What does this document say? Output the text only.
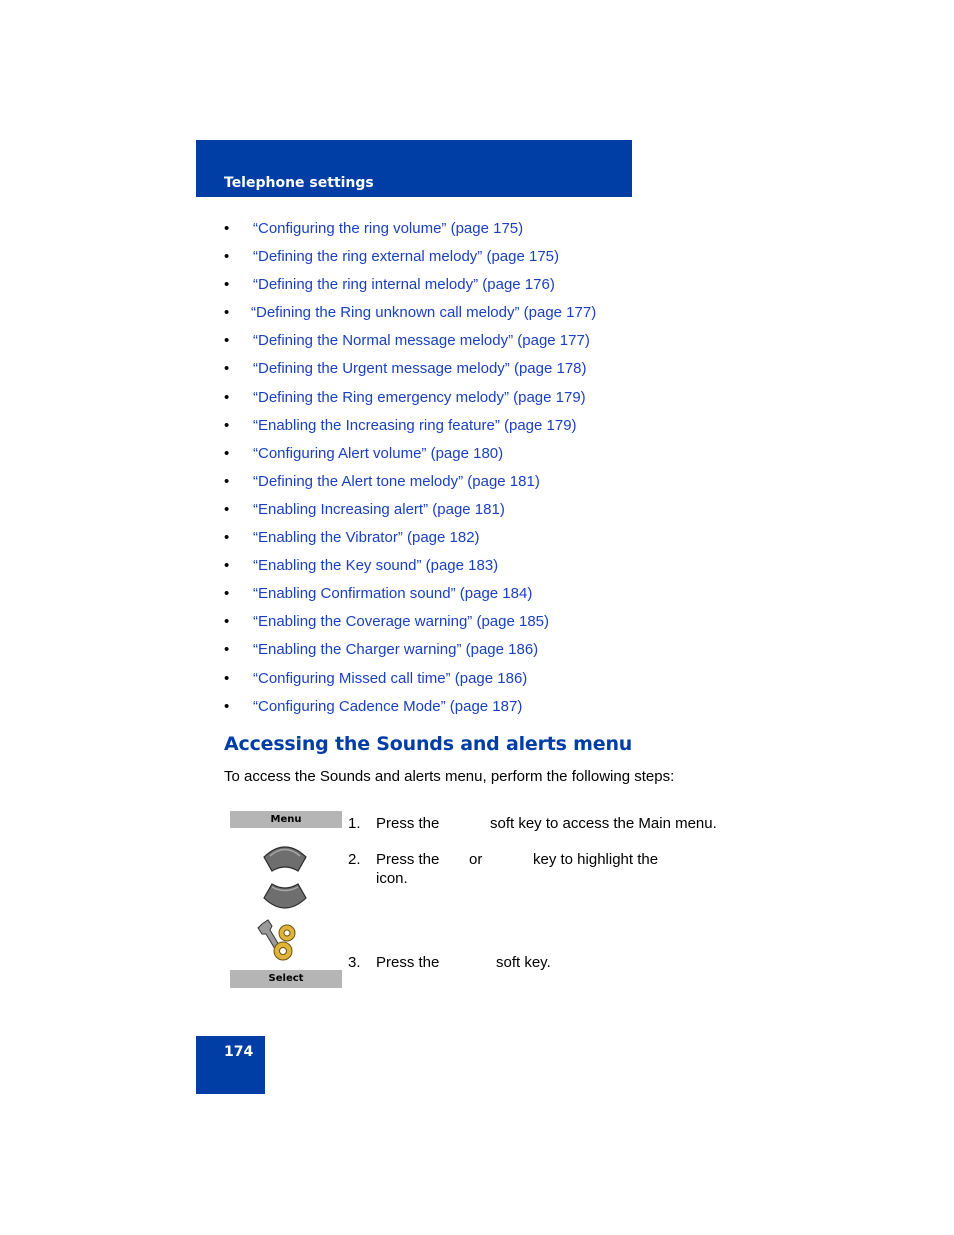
Telephone settings
• “Configuring the ring volume” (page 175)
• “Defining the ring external melody” (page 175)
• “Defining the ring internal melody” (page 176)
• “Defining the Ring unknown call melody” (page 177)
• “Defining the Normal message melody” (page 177)
• “Defining the Urgent message melody” (page 178)
• “Defining the Ring emergency melody” (page 179)
• “Enabling the Increasing ring feature” (page 179)
• “Configuring Alert volume” (page 180)
• “Defining the Alert tone melody” (page 181)
• “Enabling Increasing alert” (page 181)
• “Enabling the Vibrator” (page 182)
• “Enabling the Key sound” (page 183)
• “Enabling Confirmation sound” (page 184)
• “Enabling the Coverage warning” (page 185)
• “Enabling the Charger warning” (page 186)
• “Configuring Missed call time” (page 186)
• “Configuring Cadence Mode” (page 187)
Accessing the Sounds and alerts menu
To access the Sounds and alerts menu, perform the following steps:
Menu	1. Press the	soft key to access the Main menu.
2. Press the or	key to highlight the
icon.
Select
3. Press the	soft key.
174
